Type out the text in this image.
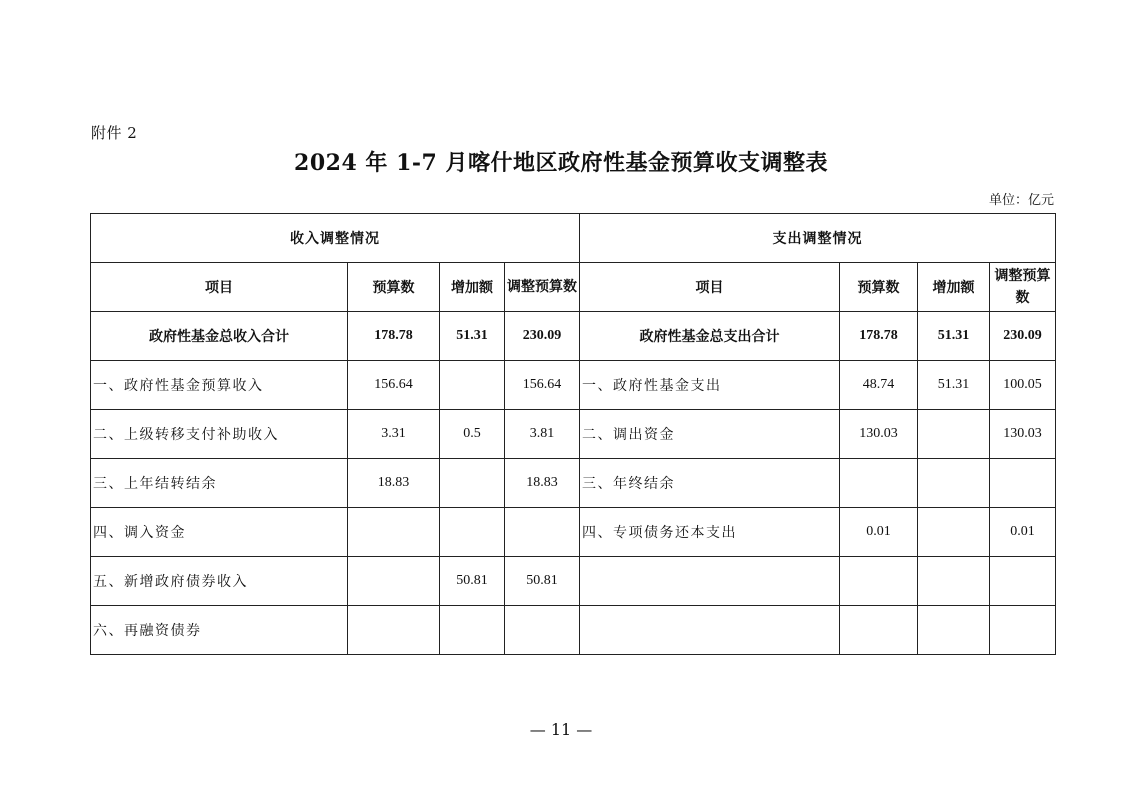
附件 2
2024 年 1-7 月喀什地区政府性基金预算收支调整表
单位：亿元
收入调整情况				支出调整情况			
项目	预算数	增加额	调整预算数	项目	预算数	增加额	调整预算数
政府性基金总收入合计	178.78	51.31	230.09	政府性基金总支出合计	178.78	51.31	230.09
一、政府性基金预算收入	156.64		156.64	一、政府性基金支出	48.74	51.31	100.05
二、上级转移支付补助收入	3.31	0.5	3.81	二、调出资金	130.03		130.03
三、上年结转结余	18.83		18.83	三、年终结余			
四、调入资金				四、专项债务还本支出	0.01		0.01
五、新增政府债券收入		50.81	50.81				
六、再融资债券							
— 11 —
